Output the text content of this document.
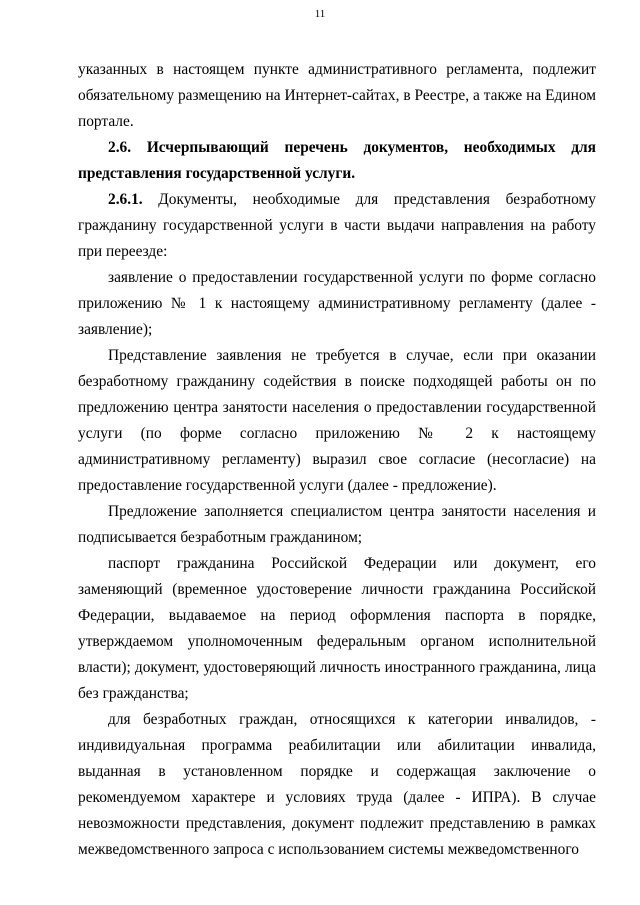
11

указанных в настоящем пункте административного регламента, подлежит обязательному размещению на Интернет-сайтах, в Реестре, а также на Едином портале.

2.6. Исчерпывающий перечень документов, необходимых для представления государственной услуги.

2.6.1. Документы, необходимые для представления безработному гражданину государственной услуги в части выдачи направления на работу при переезде:

заявление о предоставлении государственной услуги по форме согласно приложению № 1 к настоящему административному регламенту (далее - заявление);

Представление заявления не требуется в случае, если при оказании безработному гражданину содействия в поиске подходящей работы он по предложению центра занятости населения о предоставлении государственной услуги (по форме согласно приложению № 2 к настоящему административному регламенту) выразил свое согласие (несогласие) на предоставление государственной услуги (далее - предложение).

Предложение заполняется специалистом центра занятости населения и подписывается безработным гражданином;

паспорт гражданина Российской Федерации или документ, его заменяющий (временное удостоверение личности гражданина Российской Федерации, выдаваемое на период оформления паспорта в порядке, утверждаемом уполномоченным федеральным органом исполнительной власти); документ, удостоверяющий личность иностранного гражданина, лица без гражданства;

для безработных граждан, относящихся к категории инвалидов, - индивидуальная программа реабилитации или абилитации инвалида, выданная в установленном порядке и содержащая заключение о рекомендуемом характере и условиях труда (далее - ИПРА). В случае невозможности представления, документ подлежит представлению в рамках межведомственного запроса с использованием системы межведомственного
